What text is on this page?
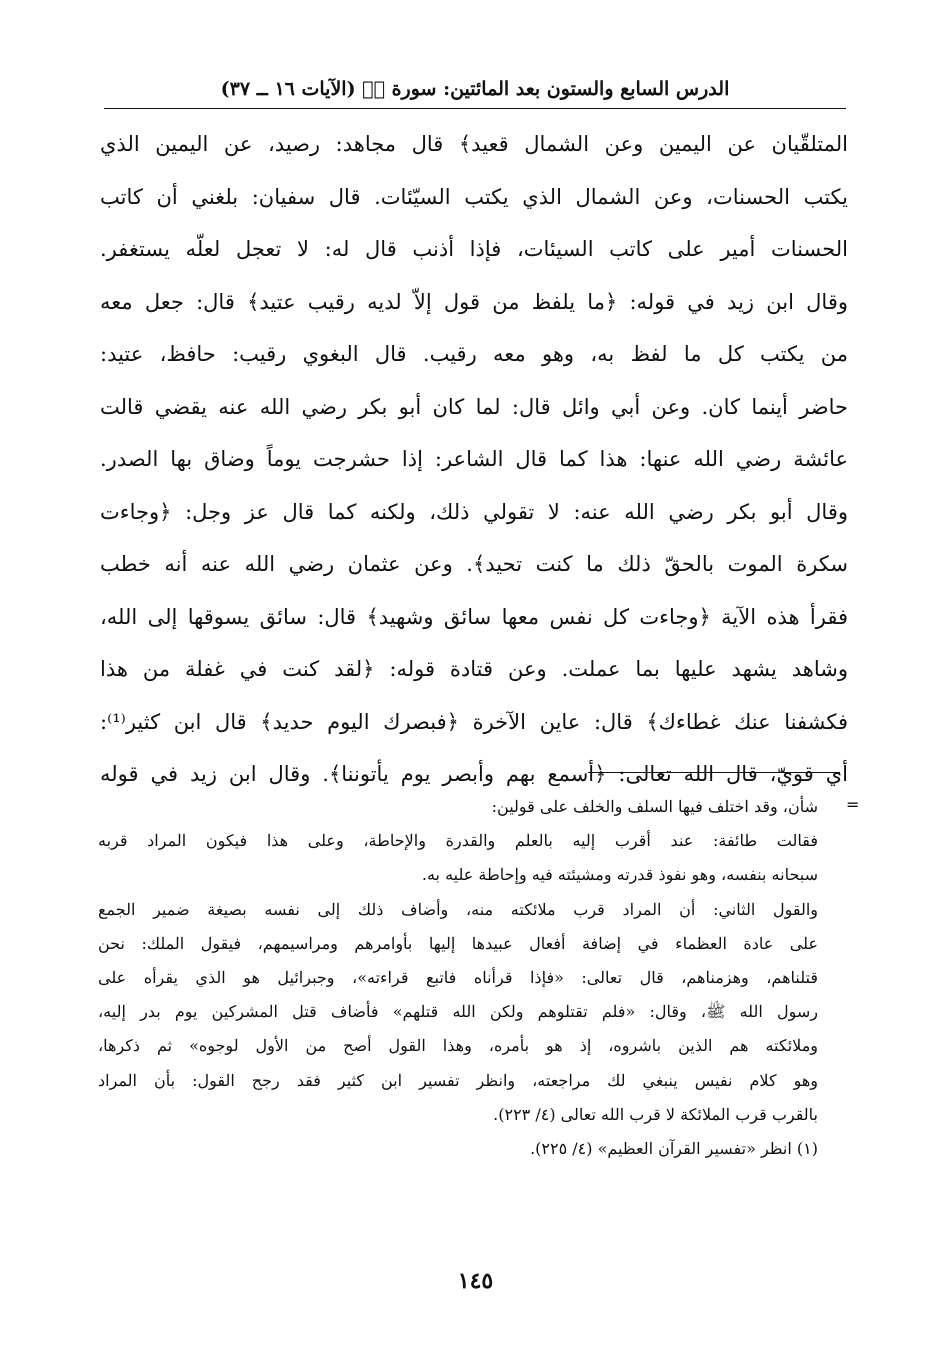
الدرس السابع والستون بعد المائتين: سورة قۤ (الآيات ١٦ ــ ٣٧)
المتلقّيان عن اليمين وعن الشمال قعيد﴾ قال مجاهد: رصيد، عن اليمين الذي
يكتب الحسنات، وعن الشمال الذي يكتب السيّئات. قال سفيان: بلغني أن كاتب
الحسنات أمير على كاتب السيئات، فإذا أذنب قال له: لا تعجل لعلّه يستغفر.
وقال ابن زيد في قوله: ﴿ما يلفظ من قول إلاّ لديه رقيب عتيد﴾ قال: جعل معه
من يكتب كل ما لفظ به، وهو معه رقيب. قال البغوي رقيب: حافظ، عتيد:
حاضر أينما كان. وعن أبي وائل قال: لما كان أبو بكر رضي الله عنه يقضي قالت
عائشة رضي الله عنها: هذا كما قال الشاعر: إذا حشرجت يوماً وضاق بها الصدر.
وقال أبو بكر رضي الله عنه: لا تقولي ذلك، ولكنه كما قال عز وجل: ﴿وجاءت
سكرة الموت بالحقّ ذلك ما كنت تحيد﴾. وعن عثمان رضي الله عنه أنه خطب
فقرأ هذه الآية ﴿وجاءت كل نفس معها سائق وشهيد﴾ قال: سائق يسوقها إلى الله،
وشاهد يشهد عليها بما عملت. وعن قتادة قوله: ﴿لقد كنت في غفلة من هذا
فكشفنا عنك غطاءك﴾ قال: عاين الآخرة ﴿فبصرك اليوم حديد﴾ قال ابن كثير⁽¹⁾:
أي قويّ، قال الله تعالى: ﴿أسمع بهم وأبصر يوم يأتوننا﴾. وقال ابن زيد في قوله
=
شأن، وقد اختلف فيها السلف والخلف على قولين:
فقالت طائفة: عند أقرب إليه بالعلم والقدرة والإحاطة، وعلى هذا فيكون المراد قربه
سبحانه بنفسه، وهو نفوذ قدرته ومشيئته فيه وإحاطة عليه به.
والقول الثاني: أن المراد قرب ملائكته منه، وأضاف ذلك إلى نفسه بصيغة ضمير الجمع
على عادة العظماء في إضافة أفعال عبيدها إليها بأوامرهم ومراسيمهم، فيقول الملك: نحن
قتلناهم، وهزمناهم، قال تعالى: «فإذا قرأناه فاتبع قراءته»، وجبرائيل هو الذي يقرأه على
رسول الله ﷺ، وقال: «فلم تقتلوهم ولكن الله قتلهم» فأضاف قتل المشركين يوم بدر إليه،
وملائكته هم الذين باشروه، إذ هو بأمره، وهذا القول أصح من الأول لوجوه» ثم ذكرها،
وهو كلام نفيس ينبغي لك مراجعته، وانظر تفسير ابن كثير فقد رجح القول: بأن المراد
بالقرب قرب الملائكة لا قرب الله تعالى (٤/ ٢٢٣).
(١) انظر «تفسير القرآن العظيم» (٤/ ٢٢٥).
١٤٥
